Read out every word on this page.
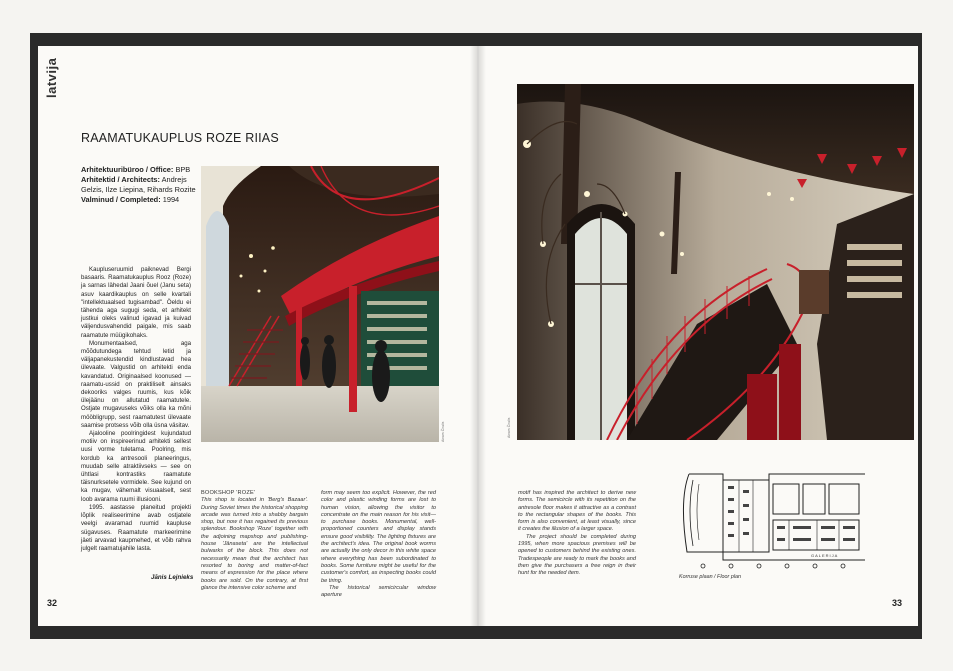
latvija
RAAMATUKAUPLUS ROZE RIIAS
Arhitektuuribüroo / Office: BPB
Arhitektid / Architects: Andrejs Gelzis, Ilze Liepina, Rihards Rozite
Valminud / Completed: 1994
Aivars Čirulis

Kaupluseruumid paiknevad Bergi basaaris. Raamatukauplus Rooz (Roze) ja sarnas lähedal Jaani õuel (Janu seta) asuv kaardikauplus on selle kvartali "intellektuaalsed tugisambad". Öeldu ei tähenda aga sugugi seda, et arhitekt justkui oleks valinud igavad ja kuivad väljendusvahendid paigale, mis saab raamatute müügikohaks.

Monumentaalsed, aga mõõdutundega tehtud letid ja väljapanekustendid kindlustavad hea ülevaate. Valgustid on arhitekti enda kavandatud. Originaalsed koonused — raamatu-ussid on praktiliselt ainsaks dekooriks valges ruumis, kus kõik ülejäänu on allutatud raamatutele. Ostjate mugavuseks võiks olla ka mõni mööbligrupp, sest raamatutest ülevaate saamise protsess võib olla üsna väsitav.

Ajalooline poolringidest kujundatud motiiv on inspireerinud arhitekti sellest uusi vorme tuletama. Poolring, mis kordub ka antresooli planeeringus, muudab selle atraktiivseks — see on ühtlasi kontrastiks raamatute täisnurksetele vormidele. See kujund on ka mugav, vähemalt visuaalselt, sest loob avarama ruumi illusiooni.

1995. aastasse planeitud projekti lõplik realiseerimine avab ostjatele veelgi avaramad ruumid kaupluse sügavuses. Raamatute markeerimine jäeti arvavad kaupmehed, et võib rahva julgelt raamatujahile lasta.

Jānis Lejnieks

BOOKSHOP 'ROZE'

This shop is located in 'Berg's Bazaar'. During Soviet times the historical shopping arcade was turned into a shabby bargain shop, but now it has regained its previous splendour. Bookshop 'Roze' together with the adjoining mapshop and publishing-house 'Jānaseta' are the intellectual bulwarks of the block. This does not necessarily mean that the architect has resorted to boring and matter-of-fact means of expression for the place where books are sold. On the contrary, at first glance the intensive color scheme and

form may seem too explicit. However, the red color and plastic winding forms are lost to human vision, allowing the visitor to concentrate on the main reason for his visit—to purchase books. Monumental, well-proportioned counters and display stands ensure good visibility. The lighting fixtures are the architect's idea. The original book worms are actually the only decor in this white space where everything has been subordinated to books. Some furniture might be useful for the customer's comfort, as inspecting books could be tiring.

The historical semicircular window aperture

32
Aivars Čirulis

motif has inspired the architect to derive new forms. The semicircle with its repetition on the antresole floor makes it attractive as a contrast to the rectangular shapes of the books. This form is also convenient, at least visually, since it creates the illusion of a larger space.

The project should be completed during 1995, when more spacious premises will be opened to customers behind the existing ones. Tradespeople are ready to mark the books and then give the purchasers a free reign in their hunt for the needed item.

GALERIJA
Korruse plaan / Floor plan
33
